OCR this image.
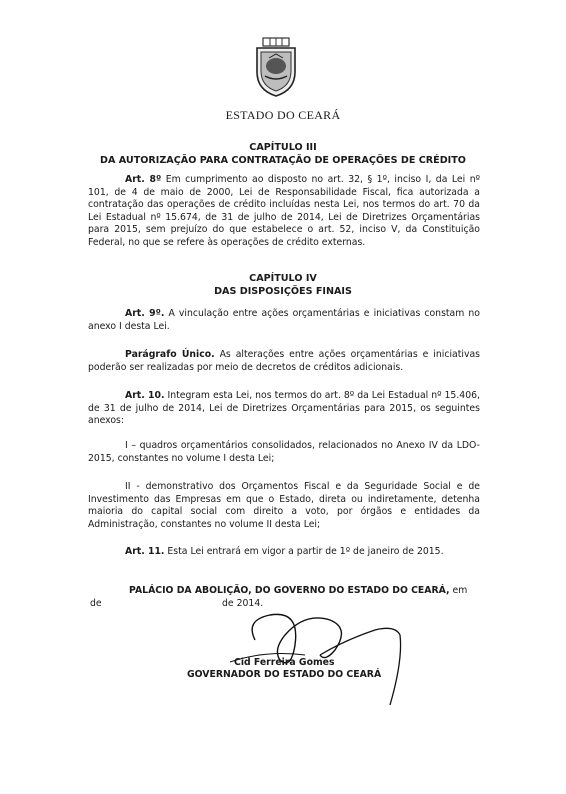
ESTADO DO CEARÁ
CAPÍTULO III
DA AUTORIZAÇÃO PARA CONTRATAÇÃO DE OPERAÇÕES DE CRÉDITO

Art. 8º Em cumprimento ao disposto no art. 32, § 1º, inciso I, da Lei nº 101, de 4 de maio de 2000, Lei de Responsabilidade Fiscal, fica autorizada a contratação das operações de crédito incluídas nesta Lei, nos termos do art. 70 da Lei Estadual nº 15.674, de 31 de julho de 2014, Lei de Diretrizes Orçamentárias para 2015, sem prejuízo do que estabelece o art. 52, inciso V, da Constituição Federal, no que se refere às operações de crédito externas.

CAPÍTULO IV
DAS DISPOSIÇÕES FINAIS

Art. 9º. A vinculação entre ações orçamentárias e iniciativas constam no anexo I desta Lei.

Parágrafo Único. As alterações entre ações orçamentárias e iniciativas poderão ser realizadas por meio de decretos de créditos adicionais.

Art. 10. Integram esta Lei, nos termos do art. 8º da Lei Estadual nº 15.406, de 31 de julho de 2014, Lei de Diretrizes Orçamentárias para 2015, os seguintes anexos:

I – quadros orçamentários consolidados, relacionados no Anexo IV da LDO-2015, constantes no volume I desta Lei;

II - demonstrativo dos Orçamentos Fiscal e da Seguridade Social e de Investimento das Empresas em que o Estado, direta ou indiretamente, detenha maioria do capital social com direito a voto, por órgãos e entidades da Administração, constantes no volume II desta Lei;

Art. 11. Esta Lei entrará em vigor a partir de 1º de janeiro de 2015.

PALÁCIO DA ABOLIÇÃO, DO GOVERNO DO ESTADO DO CEARÁ, em
de	de 2014.
Cid Ferreira Gomes
GOVERNADOR DO ESTADO DO CEARÁ
